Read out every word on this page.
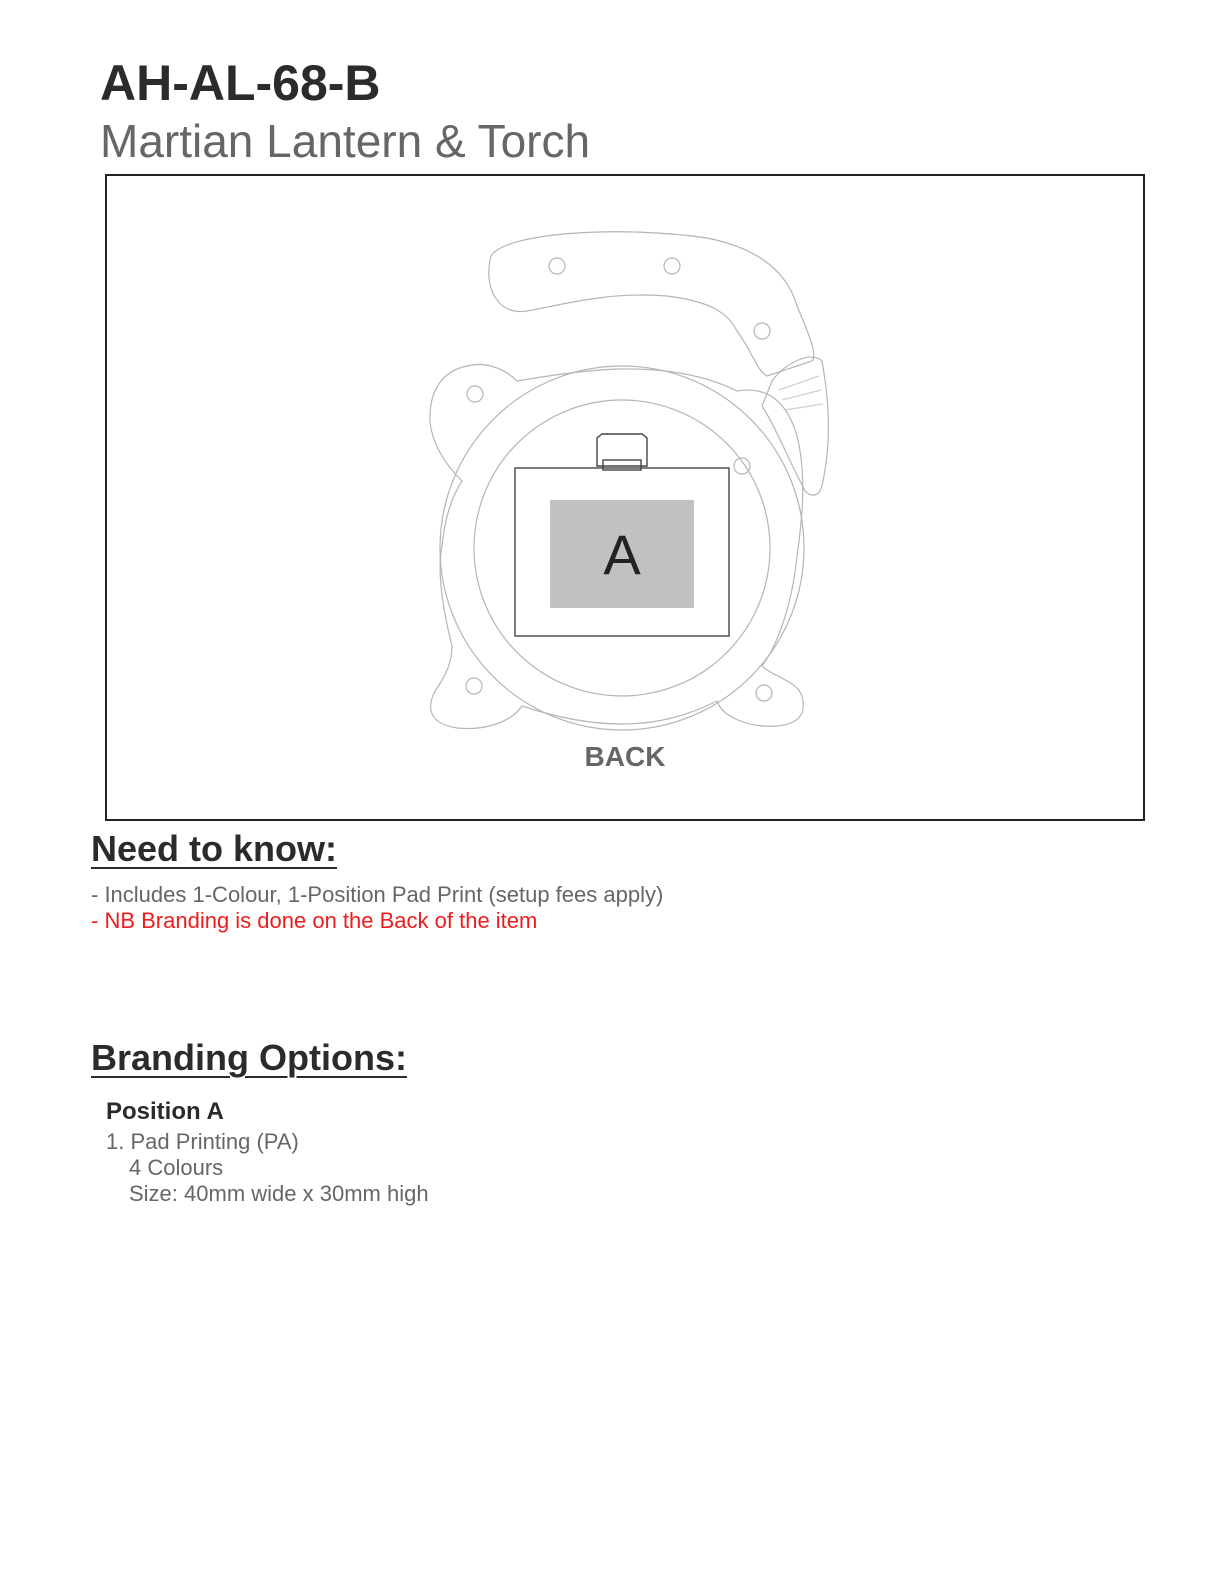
AH-AL-68-B
Martian Lantern & Torch
A
BACK
Need to know:
- Includes 1-Colour, 1-Position Pad Print (setup fees apply)
- NB Branding is done on the Back of the item
Branding Options:
Position A
1. Pad Printing (PA)
4 Colours
Size: 40mm wide x 30mm high
